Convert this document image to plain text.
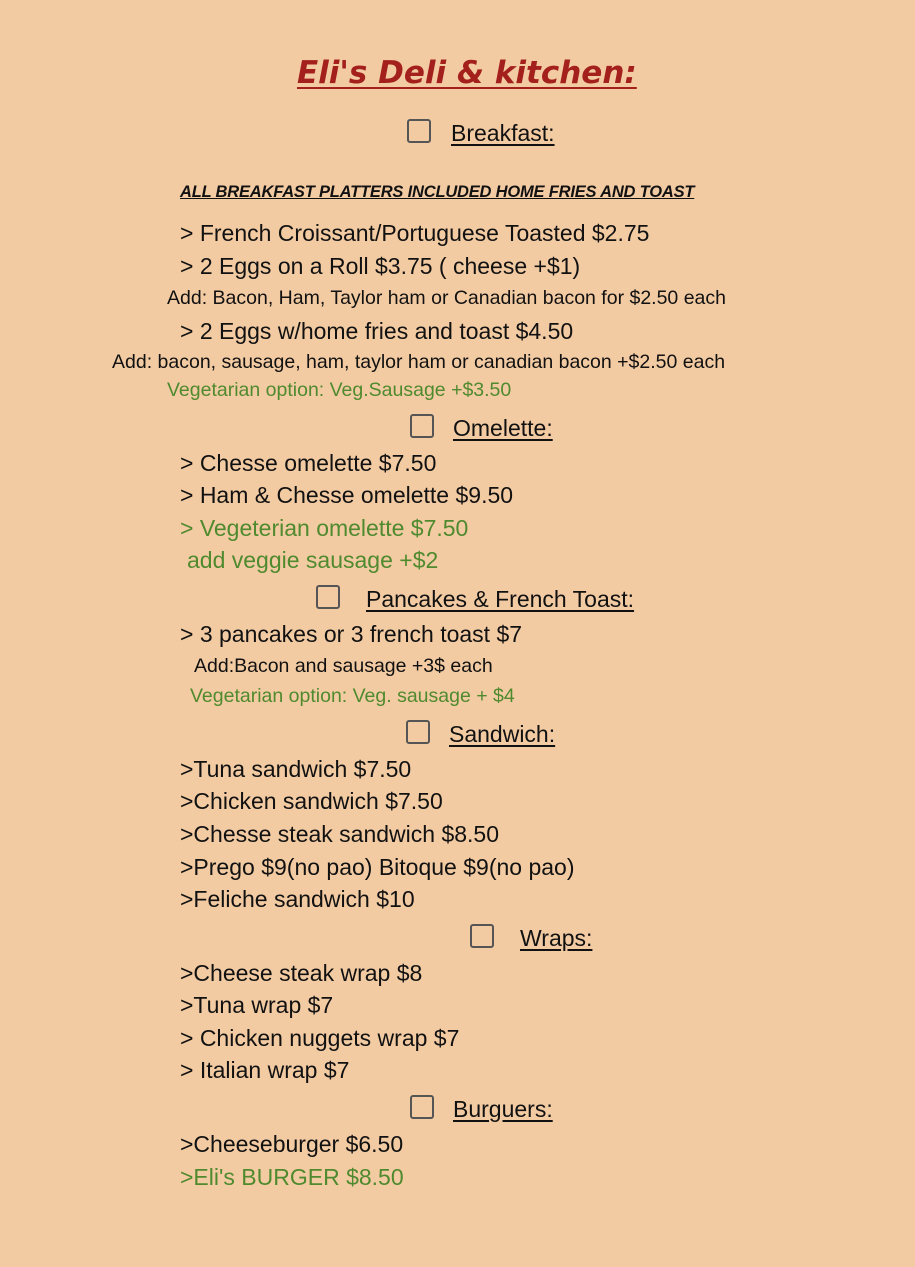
Eli's Deli & kitchen:
Breakfast:
ALL BREAKFAST PLATTERS INCLUDED HOME FRIES AND TOAST
> French Croissant/Portuguese Toasted $2.75
> 2 Eggs on a Roll $3.75 ( cheese +$1)
Add: Bacon, Ham, Taylor ham or Canadian bacon for $2.50 each
> 2 Eggs w/home fries and toast $4.50
Add: bacon, sausage, ham, taylor ham or canadian bacon +$2.50 each
Vegetarian option: Veg.Sausage +$3.50
Omelette:
> Chesse omelette $7.50
> Ham & Chesse omelette $9.50
> Vegeterian omelette $7.50
add veggie sausage +$2
Pancakes & French Toast:
> 3 pancakes or 3 french toast $7
Add:Bacon and sausage +3$ each
Vegetarian option: Veg. sausage + $4
Sandwich:
>Tuna sandwich $7.50
>Chicken sandwich $7.50
>Chesse steak sandwich $8.50
>Prego $9(no pao) Bitoque $9(no pao)
>Feliche sandwich $10
Wraps:
>Cheese steak wrap $8
>Tuna wrap $7
> Chicken nuggets wrap $7
> Italian wrap $7
Burguers:
>Cheeseburger $6.50
>Eli's BURGER $8.50
